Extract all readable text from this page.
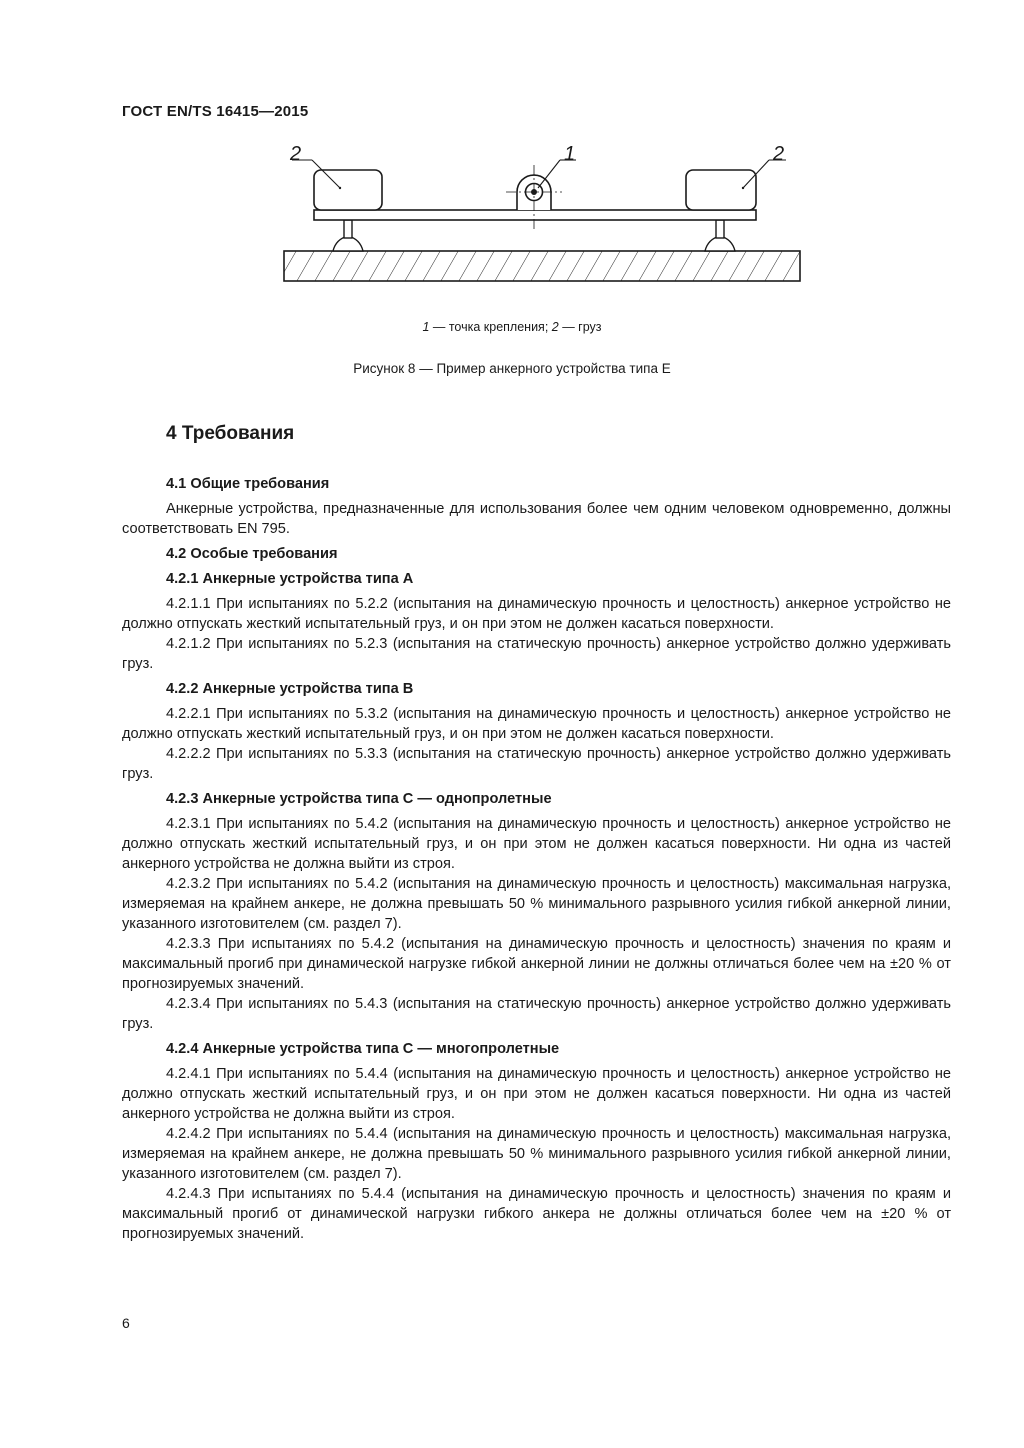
ГОСТ EN/TS 16415—2015
2	1	2
1 — точка крепления; 2 — груз
Рисунок 8 — Пример анкерного устройства типа Е
4 Требования

4.1 Общие требования

Анкерные устройства, предназначенные для использования более чем одним человеком одновременно, должны соответствовать EN 795.

4.2 Особые требования

4.2.1 Анкерные устройства типа А

4.2.1.1 При испытаниях по 5.2.2 (испытания на динамическую прочность и целостность) анкерное устройство не должно отпускать жесткий испытательный груз, и он при этом не должен касаться поверхности.

4.2.1.2 При испытаниях по 5.2.3 (испытания на статическую прочность) анкерное устройство должно удерживать груз.

4.2.2 Анкерные устройства типа В

4.2.2.1 При испытаниях по 5.3.2 (испытания на динамическую прочность и целостность) анкерное устройство не должно отпускать жесткий испытательный груз, и он при этом не должен касаться поверхности.

4.2.2.2 При испытаниях по 5.3.3 (испытания на статическую прочность) анкерное устройство должно удерживать груз.

4.2.3 Анкерные устройства типа С — однопролетные

4.2.3.1 При испытаниях по 5.4.2 (испытания на динамическую прочность и целостность) анкерное устройство не должно отпускать жесткий испытательный груз, и он при этом не должен касаться поверхности. Ни одна из частей анкерного устройства не должна выйти из строя.

4.2.3.2 При испытаниях по 5.4.2 (испытания на динамическую прочность и целостность) максимальная нагрузка, измеряемая на крайнем анкере, не должна превышать 50 % минимального разрывного усилия гибкой анкерной линии, указанного изготовителем (см. раздел 7).

4.2.3.3 При испытаниях по 5.4.2 (испытания на динамическую прочность и целостность) значения по краям и максимальный прогиб при динамической нагрузке гибкой анкерной линии не должны отличаться более чем на ±20 % от прогнозируемых значений.

4.2.3.4 При испытаниях по 5.4.3 (испытания на статическую прочность) анкерное устройство должно удерживать груз.

4.2.4 Анкерные устройства типа С — многопролетные

4.2.4.1 При испытаниях по 5.4.4 (испытания на динамическую прочность и целостность) анкерное устройство не должно отпускать жесткий испытательный груз, и он при этом не должен касаться поверхности. Ни одна из частей анкерного устройства не должна выйти из строя.

4.2.4.2 При испытаниях по 5.4.4 (испытания на динамическую прочность и целостность) максимальная нагрузка, измеряемая на крайнем анкере, не должна превышать 50 % минимального разрывного усилия гибкой анкерной линии, указанного изготовителем (см. раздел 7).

4.2.4.3 При испытаниях по 5.4.4 (испытания на динамическую прочность и целостность) значения по краям и максимальный прогиб от динамической нагрузки гибкого анкера не должны отличаться более чем на ±20 % от прогнозируемых значений.

6
